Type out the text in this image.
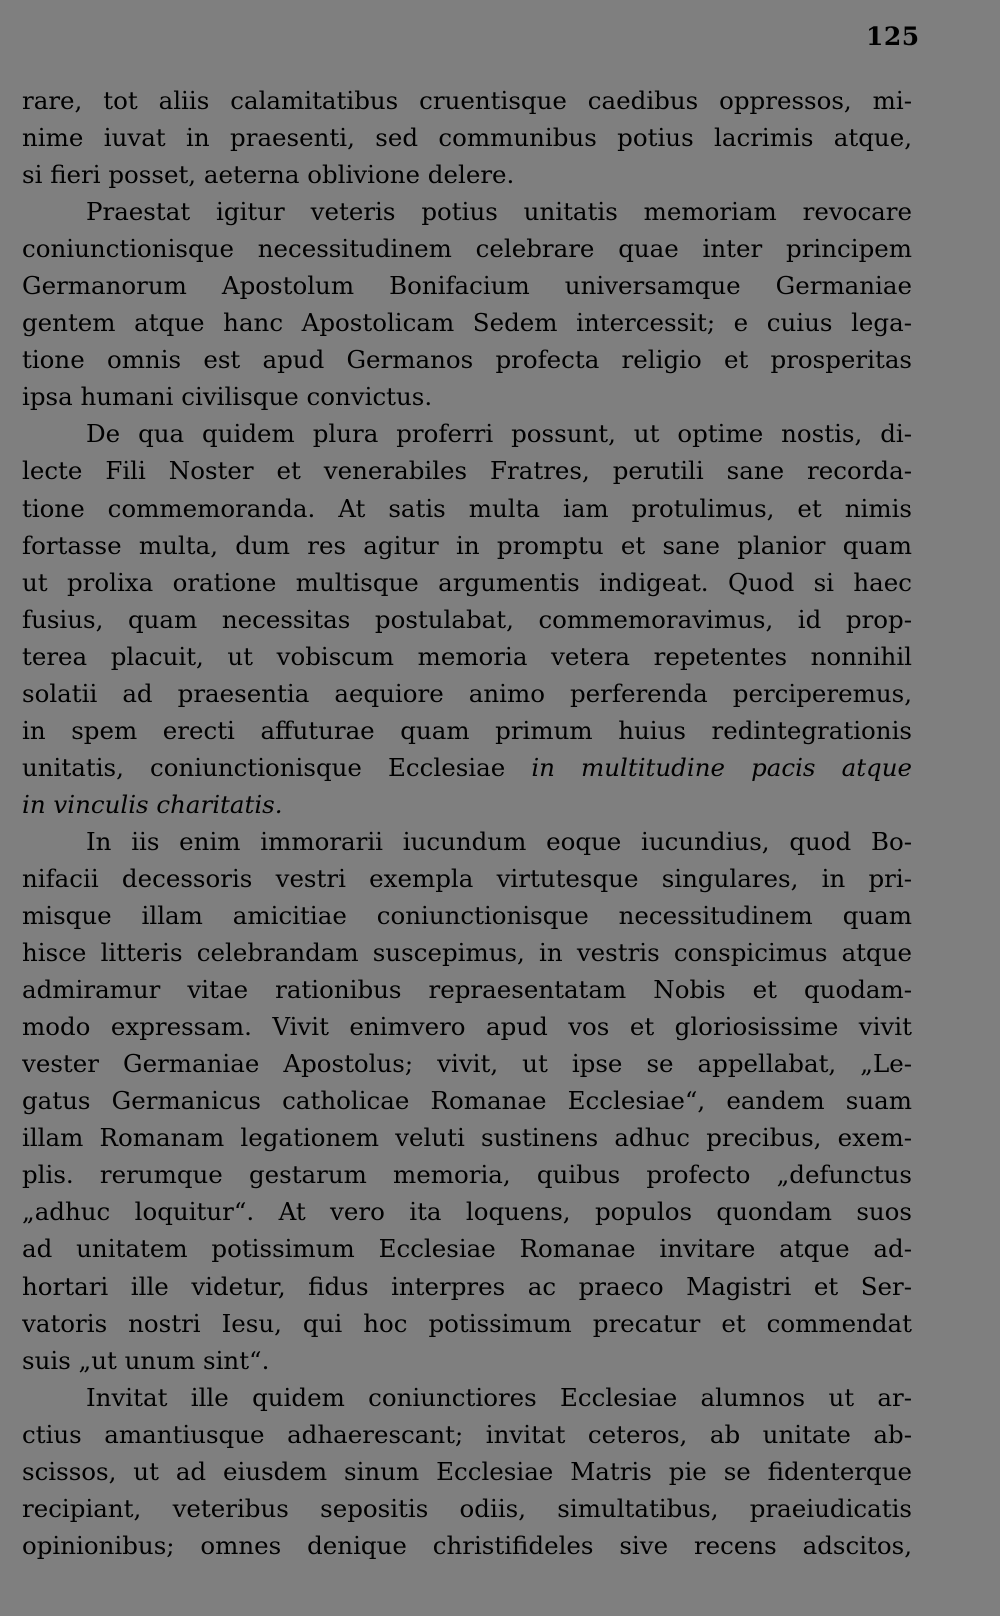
125
rare, tot aliis calamitatibus cruentisque caedibus oppressos, mi-
nime iuvat in praesenti, sed communibus potius lacrimis atque,
si fieri posset, aeterna oblivione delere.
Praestat igitur veteris potius unitatis memoriam revocare
coniunctionisque necessitudinem celebrare quae inter principem
Germanorum Apostolum Bonifacium universamque Germaniae
gentem atque hanc Apostolicam Sedem intercessit; e cuius lega-
tione omnis est apud Germanos profecta religio et prosperitas
ipsa humani civilisque convictus.
De qua quidem plura proferri possunt, ut optime nostis, di-
lecte Fili Noster et venerabiles Fratres, perutili sane recorda-
tione commemoranda. At satis multa iam protulimus, et nimis
fortasse multa, dum res agitur in promptu et sane planior quam
ut prolixa oratione multisque argumentis indigeat. Quod si haec
fusius, quam necessitas postulabat, commemoravimus, id prop-
terea placuit, ut vobiscum memoria vetera repetentes nonnihil
solatii ad praesentia aequiore animo perferenda perciperemus,
in spem erecti affuturae quam primum huius redintegrationis
unitatis, coniunctionisque Ecclesiae in multitudine pacis atque
in vinculis charitatis.
In iis enim immorarii iucundum eoque iucundius, quod Bo-
nifacii decessoris vestri exempla virtutesque singulares, in pri-
misque illam amicitiae coniunctionisque necessitudinem quam
hisce litteris celebrandam suscepimus, in vestris conspicimus atque
admiramur vitae rationibus repraesentatam Nobis et quodam-
modo expressam. Vivit enimvero apud vos et gloriosissime vivit
vester Germaniae Apostolus; vivit, ut ipse se appellabat, „Le-
gatus Germanicus catholicae Romanae Ecclesiae“, eandem suam
illam Romanam legationem veluti sustinens adhuc precibus, exem-
plis. rerumque gestarum memoria, quibus profecto „defunctus
„adhuc loquitur“. At vero ita loquens, populos quondam suos
ad unitatem potissimum Ecclesiae Romanae invitare atque ad-
hortari ille videtur, fidus interpres ac praeco Magistri et Ser-
vatoris nostri Iesu, qui hoc potissimum precatur et commendat
suis „ut unum sint“.
Invitat ille quidem coniunctiores Ecclesiae alumnos ut ar-
ctius amantiusque adhaerescant; invitat ceteros, ab unitate ab-
scissos, ut ad eiusdem sinum Ecclesiae Matris pie se fidenterque
recipiant, veteribus sepositis odiis, simultatibus, praeiudicatis
opinionibus; omnes denique christifideles sive recens adscitos,
